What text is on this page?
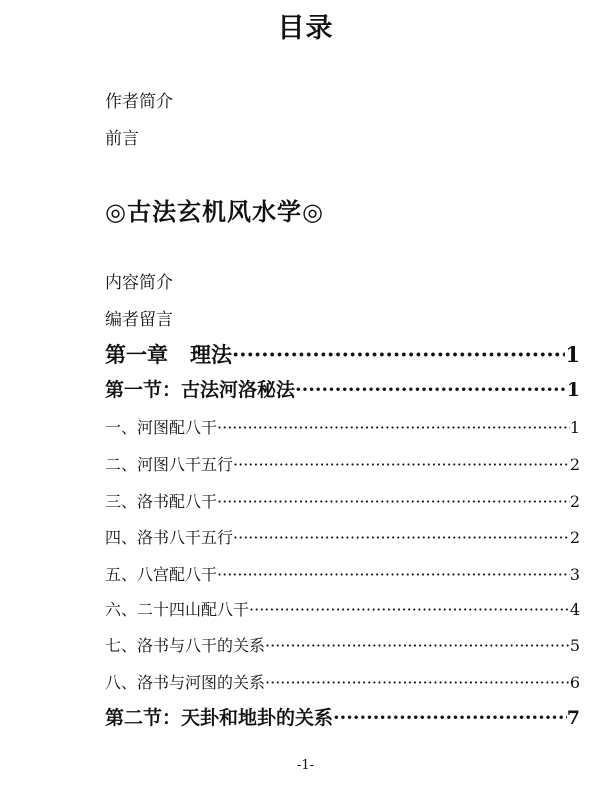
目录
作者简介
前言
◎古法玄机风水学◎
内容简介
编者留言
第一章 理法 ·····	1
第一节：古法河洛秘法 ·····	1
一、河图配八干 ·····	1
二、河图八干五行 ·····	2
三、洛书配八干 ·····	2
四、洛书八干五行 ·····	2
五、八宫配八干 ·····	3
六、二十四山配八干 ·····	4
七、洛书与八干的关系 ·····	5
八、洛书与河图的关系 ·····	6
第二节：天卦和地卦的关系 ·····	7
-1-
